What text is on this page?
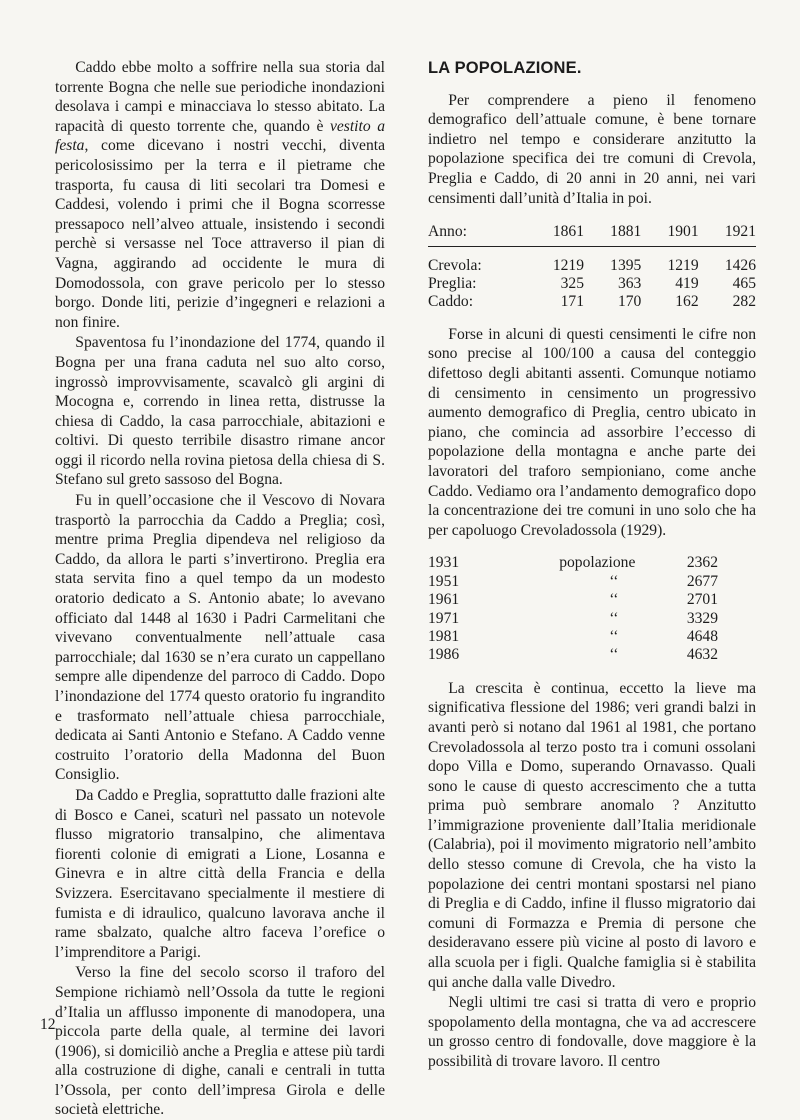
Caddo ebbe molto a soffrire nella sua storia dal torrente Bogna che nelle sue periodiche inondazioni desolava i campi e minacciava lo stesso abitato. La rapacità di questo torrente che, quando è vestito a festa, come dicevano i nostri vecchi, diventa pericolosissimo per la terra e il pietrame che trasporta, fu causa di liti secolari tra Domesi e Caddesi, volendo i primi che il Bogna scorresse pressapoco nell’alveo attuale, insistendo i secondi perchè si versasse nel Toce attraverso il pian di Vagna, aggirando ad occidente le mura di Domodossola, con grave pericolo per lo stesso borgo. Donde liti, perizie d’ingegneri e relazioni a non finire.

Spaventosa fu l’inondazione del 1774, quando il Bogna per una frana caduta nel suo alto corso, ingrossò improvvisamente, scavalcò gli argini di Mocogna e, correndo in linea retta, distrusse la chiesa di Caddo, la casa parrocchiale, abitazioni e coltivi. Di questo terribile disastro rimane ancor oggi il ricordo nella rovina pietosa della chiesa di S. Stefano sul greto sassoso del Bogna.

Fu in quell’occasione che il Vescovo di Novara trasportò la parrocchia da Caddo a Preglia; così, mentre prima Preglia dipendeva nel religioso da Caddo, da allora le parti s’invertirono. Preglia era stata servita fino a quel tempo da un modesto oratorio dedicato a S. Antonio abate; lo avevano officiato dal 1448 al 1630 i Padri Carmelitani che vivevano conventualmente nell’attuale casa parrocchiale; dal 1630 se n’era curato un cappellano sempre alle dipendenze del parroco di Caddo. Dopo l’inondazione del 1774 questo oratorio fu ingrandito e trasformato nell’attuale chiesa parrocchiale, dedicata ai Santi Antonio e Stefano. A Caddo venne costruito l’oratorio della Madonna del Buon Consiglio.

Da Caddo e Preglia, soprattutto dalle frazioni alte di Bosco e Canei, scaturì nel passato un notevole flusso migratorio transalpino, che alimentava fiorenti colonie di emigrati a Lione, Losanna e Ginevra e in altre città della Francia e della Svizzera. Esercitavano specialmente il mestiere di fumista e di idraulico, qualcuno lavorava anche il rame sbalzato, qualche altro faceva l’orefice o l’imprenditore a Parigi.

Verso la fine del secolo scorso il traforo del Sempione richiamò nell’Ossola da tutte le regioni d’Italia un afflusso imponente di manodopera, una piccola parte della quale, al termine dei lavori (1906), si domiciliò anche a Preglia e attese più tardi alla costruzione di dighe, canali e centrali in tutta l’Ossola, per conto dell’impresa Girola e delle società elettriche.

LA POPOLAZIONE.

Per comprendere a pieno il fenomeno demografico dell’attuale comune, è bene tornare indietro nel tempo e considerare anzitutto la popolazione specifica dei tre comuni di Crevola, Preglia e Caddo, di 20 anni in 20 anni, nei vari censimenti dall’unità d’Italia in poi.

Anno:	1861	1881	1901	1921
Crevola:	1219	1395	1219	1426
Preglia:	325	363	419	465
Caddo:	171	170	162	282

Forse in alcuni di questi censimenti le cifre non sono precise al 100/100 a causa del conteggio difettoso degli abitanti assenti. Comunque notiamo di censimento in censimento un progressivo aumento demografico di Preglia, centro ubicato in piano, che comincia ad assorbire l’eccesso di popolazione della montagna e anche parte dei lavoratori del traforo sempioniano, come anche Caddo. Vediamo ora l’andamento demografico dopo la concentrazione dei tre comuni in uno solo che ha per capoluogo Crevoladossola (1929).

1931	popolazione	2362
1951	‘‘	2677
1961	‘‘	2701
1971	‘‘	3329
1981	‘‘	4648
1986	‘‘	4632

La crescita è continua, eccetto la lieve ma significativa flessione del 1986; veri grandi balzi in avanti però si notano dal 1961 al 1981, che portano Crevoladossola al terzo posto tra i comuni ossolani dopo Villa e Domo, superando Ornavasso. Quali sono le cause di questo accrescimento che a tutta prima può sembrare anomalo ? Anzitutto l’immigrazione proveniente dall’Italia meridionale (Calabria), poi il movimento migratorio nell’ambito dello stesso comune di Crevola, che ha visto la popolazione dei centri montani spostarsi nel piano di Preglia e di Caddo, infine il flusso migratorio dai comuni di Formazza e Premia di persone che desideravano essere più vicine al posto di lavoro e alla scuola per i figli. Qualche famiglia si è stabilita qui anche dalla valle Divedro.

Negli ultimi tre casi si tratta di vero e proprio spopolamento della montagna, che va ad accrescere un grosso centro di fondovalle, dove maggiore è la possibilità di trovare lavoro. Il centro

12
